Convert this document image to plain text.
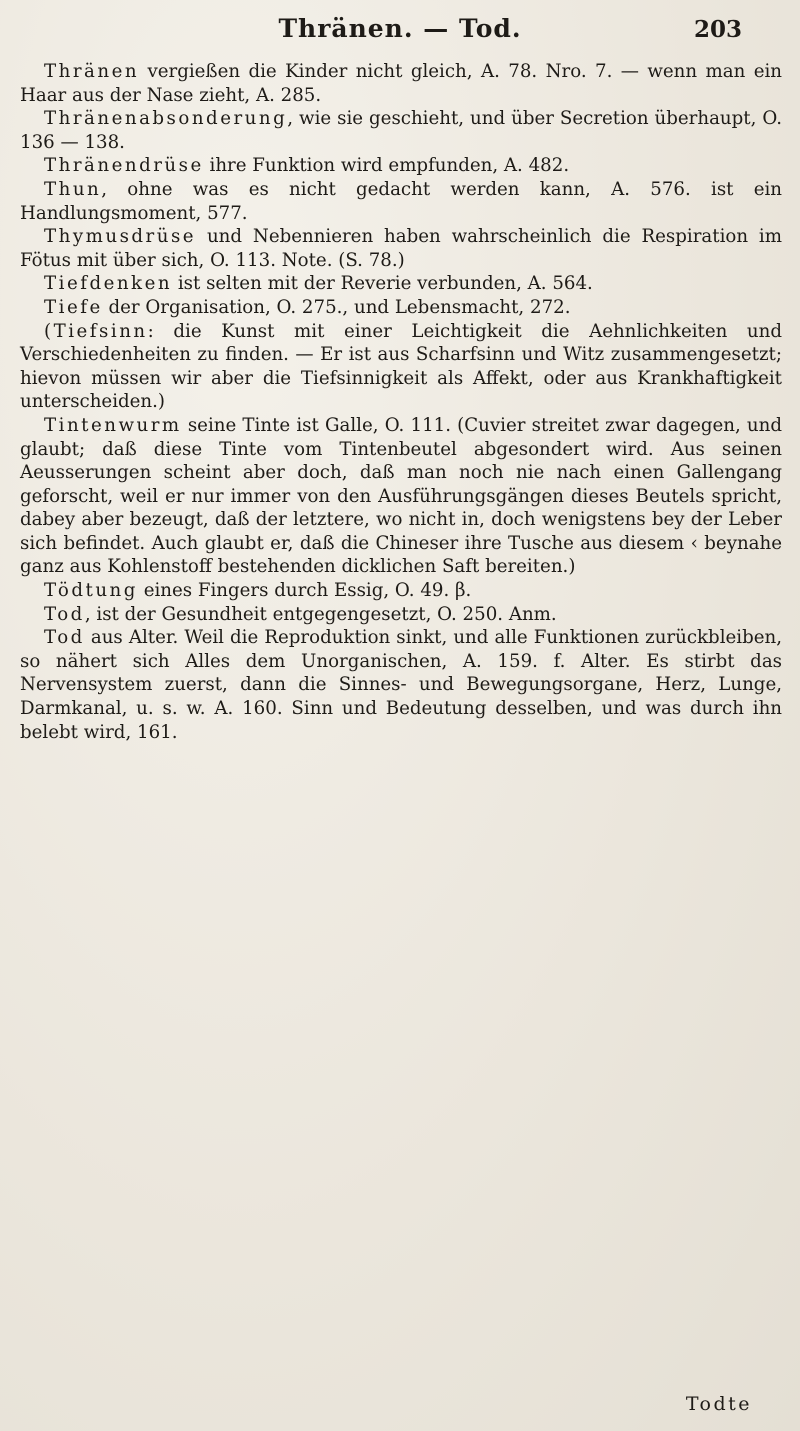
Thränen. — Tod.	203

Thränen vergießen die Kinder nicht gleich, A. 78. Nro. 7. — wenn man ein Haar aus der Nase zieht, A. 285.

Thränenabsonderung, wie sie geschieht, und über Secretion überhaupt, O. 136 — 138.

Thränendrüse ihre Funktion wird empfunden, A. 482.

Thun, ohne was es nicht gedacht werden kann, A. 576. ist ein Handlungsmoment, 577.

Thymusdrüse und Nebennieren haben wahrscheinlich die Respiration im Fötus mit über sich, O. 113. Note. (S. 78.)

Tiefdenken ist selten mit der Reverie verbunden, A. 564.

Tiefe der Organisation, O. 275., und Lebensmacht, 272.

(Tiefsinn: die Kunst mit einer Leichtigkeit die Aehnlichkeiten und Verschiedenheiten zu finden. — Er ist aus Scharfsinn und Witz zusammengesetzt; hievon müssen wir aber die Tiefsinnigkeit als Affekt, oder aus Krankhaftigkeit unterscheiden.)

Tintenwurm seine Tinte ist Galle, O. 111. (Cuvier streitet zwar dagegen, und glaubt; daß diese Tinte vom Tintenbeutel abgesondert wird. Aus seinen Aeusserungen scheint aber doch, daß man noch nie nach einen Gallengang geforscht, weil er nur immer von den Ausführungsgängen dieses Beutels spricht, dabey aber bezeugt, daß der letztere, wo nicht in, doch wenigstens bey der Leber sich befindet. Auch glaubt er, daß die Chineser ihre Tusche aus diesem ‹ beynahe ganz aus Kohlenstoff bestehenden dicklichen Saft bereiten.)

Tödtung eines Fingers durch Essig, O. 49. β.

Tod, ist der Gesundheit entgegengesetzt, O. 250. Anm.

Tod aus Alter. Weil die Reproduktion sinkt, und alle Funktionen zurückbleiben, so nähert sich Alles dem Unorganischen, A. 159. f. Alter. Es stirbt das Nervensystem zuerst, dann die Sinnes- und Bewegungsorgane, Herz, Lunge, Darmkanal, u. s. w. A. 160. Sinn und Bedeutung desselben, und was durch ihn belebt wird, 161.

Todte
